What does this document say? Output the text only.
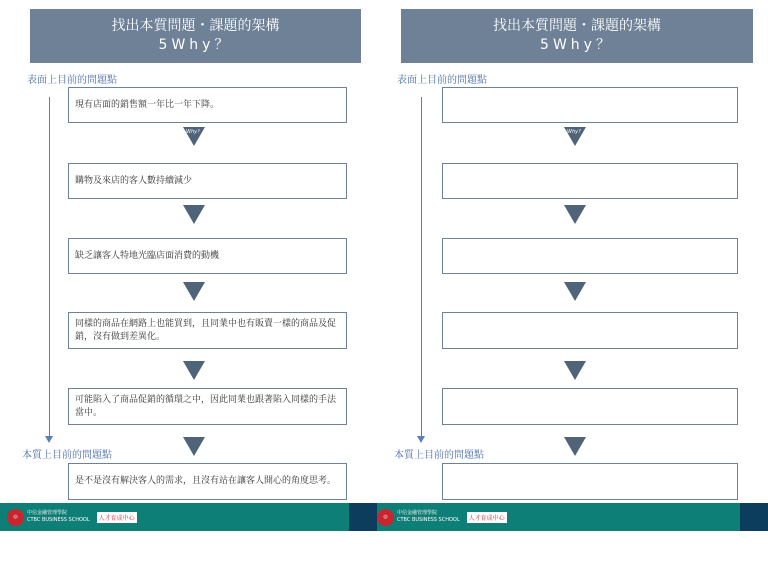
找出本質問題・課題的架構
5Why？
表面上目前的問題點
本質上目前的問題點
現有店面的銷售額一年比一年下降。
Why?
購物及來店的客人數持續減少
缺乏讓客人特地光臨店面消費的動機
同樣的商品在網路上也能買到，且同業中也有販賣一樣的商品及促銷，沒有做到差異化。
可能陷入了商品促銷的循環之中，因此同業也跟著陷入同樣的手法當中。
是不是沒有解決客人的需求，且沒有站在讓客人開心的角度思考。
找出本質問題・課題的架構
5Why？
表面上目前的問題點
本質上目前的問題點
Why?
◎
中信金融管理學院
CTBC BUSINESS SCHOOL	人才育成中心	◎
中信金融管理學院
CTBC BUSINESS SCHOOL	人才育成中心
